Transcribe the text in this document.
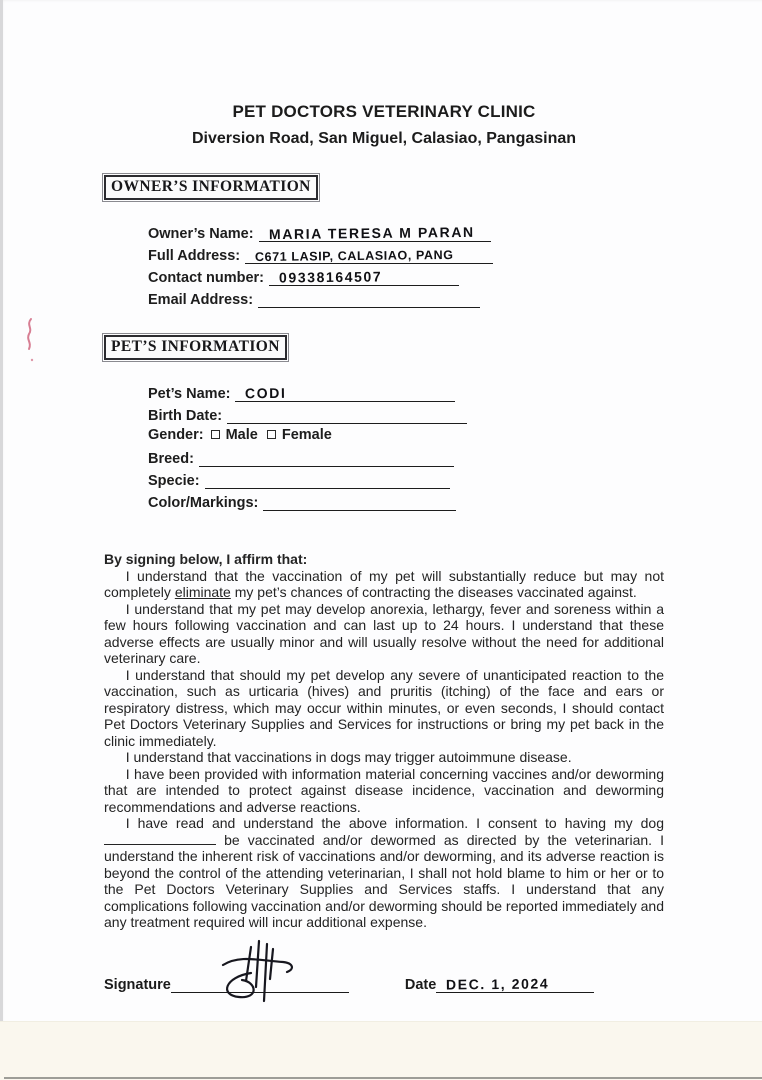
PET DOCTORS VETERINARY CLINIC
Diversion Road, San Miguel, Calasiao, Pangasinan
OWNER’S INFORMATION
Owner’s Name:	MARIA TERESA M PARAN
Full Address:	C671 LASIP, CALASIAO, PANG
Contact number:	09338164507
Email Address:
PET’S INFORMATION
Pet’s Name:	CODI
Birth Date:
Gender:	Male Female
Breed:
Specie:
Color/Markings:
By signing below, I affirm that:

I understand that the vaccination of my pet will substantially reduce but may not completely eliminate my pet’s chances of contracting the diseases vaccinated against.

I understand that my pet may develop anorexia, lethargy, fever and soreness within a few hours following vaccination and can last up to 24 hours. I understand that these adverse effects are usually minor and will usually resolve without the need for additional veterinary care.

I understand that should my pet develop any severe of unanticipated reaction to the vaccination, such as urticaria (hives) and pruritis (itching) of the face and ears or respiratory distress, which may occur within minutes, or even seconds, I should contact Pet Doctors Veterinary Supplies and Services for instructions or bring my pet back in the clinic immediately.

I understand that vaccinations in dogs may trigger autoimmune disease.

I have been provided with information material concerning vaccines and/or deworming that are intended to protect against disease incidence, vaccination and deworming recommendations and adverse reactions.

I have read and understand the above information. I consent to having my dog  be vaccinated and/or dewormed as directed by the veterinarian. I understand the inherent risk of vaccinations and/or deworming, and its adverse reaction is beyond the control of the attending veterinarian, I shall not hold blame to him or her or to the Pet Doctors Veterinary Supplies and Services staffs. I understand that any complications following vaccination and/or deworming should be reported immediately and any treatment required will incur additional expense.

Signature	Date DEC. 1, 2024
